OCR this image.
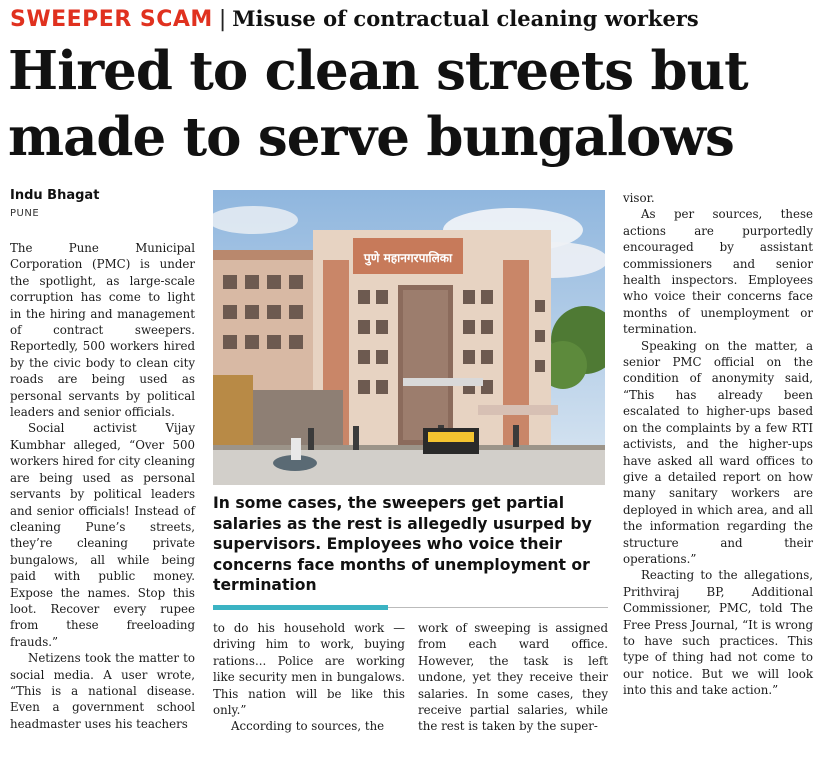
SWEEPER SCAM | Misuse of contractual cleaning workers
Hired to clean streets but
made to serve bungalows
Indu Bhagat
PUNE

The Pune Municipal Corporation (PMC) is under the spotlight, as large-scale corruption has come to light in the hiring and management of contract sweepers. Reportedly, 500 workers hired by the civic body to clean city roads are being used as personal servants by political leaders and senior officials.

Social activist Vijay Kumbhar alleged, “Over 500 workers hired for city cleaning are being used as personal servants by political leaders and senior officials! Instead of cleaning Pune’s streets, they’re cleaning private bungalows, all while being paid with public money. Expose the names. Stop this loot. Recover every rupee from these freeloading frauds.”

Netizens took the matter to social media. A user wrote, “This is a national disease. Even a government school headmaster uses his teachers

पुणे महानगरपालिका
In some cases, the sweepers get partial salaries as the rest is allegedly usurped by supervisors. Employees who voice their concerns face months of unemployment or termination

to do his household work — driving him to work, buying rations... Police are working like security men in bungalows. This nation will be like this only.”

According to sources, the

work of sweeping is assigned from each ward office. However, the task is left undone, yet they receive their salaries. In some cases, they receive partial salaries, while the rest is taken by the super-

visor.

As per sources, these actions are purportedly encouraged by assistant commissioners and senior health inspectors. Employees who voice their concerns face months of unemployment or termination.

Speaking on the matter, a senior PMC official on the condition of anonymity said, “This has already been escalated to higher-ups based on the complaints by a few RTI activists, and the higher-ups have asked all ward offices to give a detailed report on how many sanitary workers are deployed in which area, and all the information regarding the structure and their operations.”

Reacting to the allegations, Prithviraj BP, Additional Commissioner, PMC, told The Free Press Journal, “It is wrong to have such practices. This type of thing had not come to our notice. But we will look into this and take action.”
